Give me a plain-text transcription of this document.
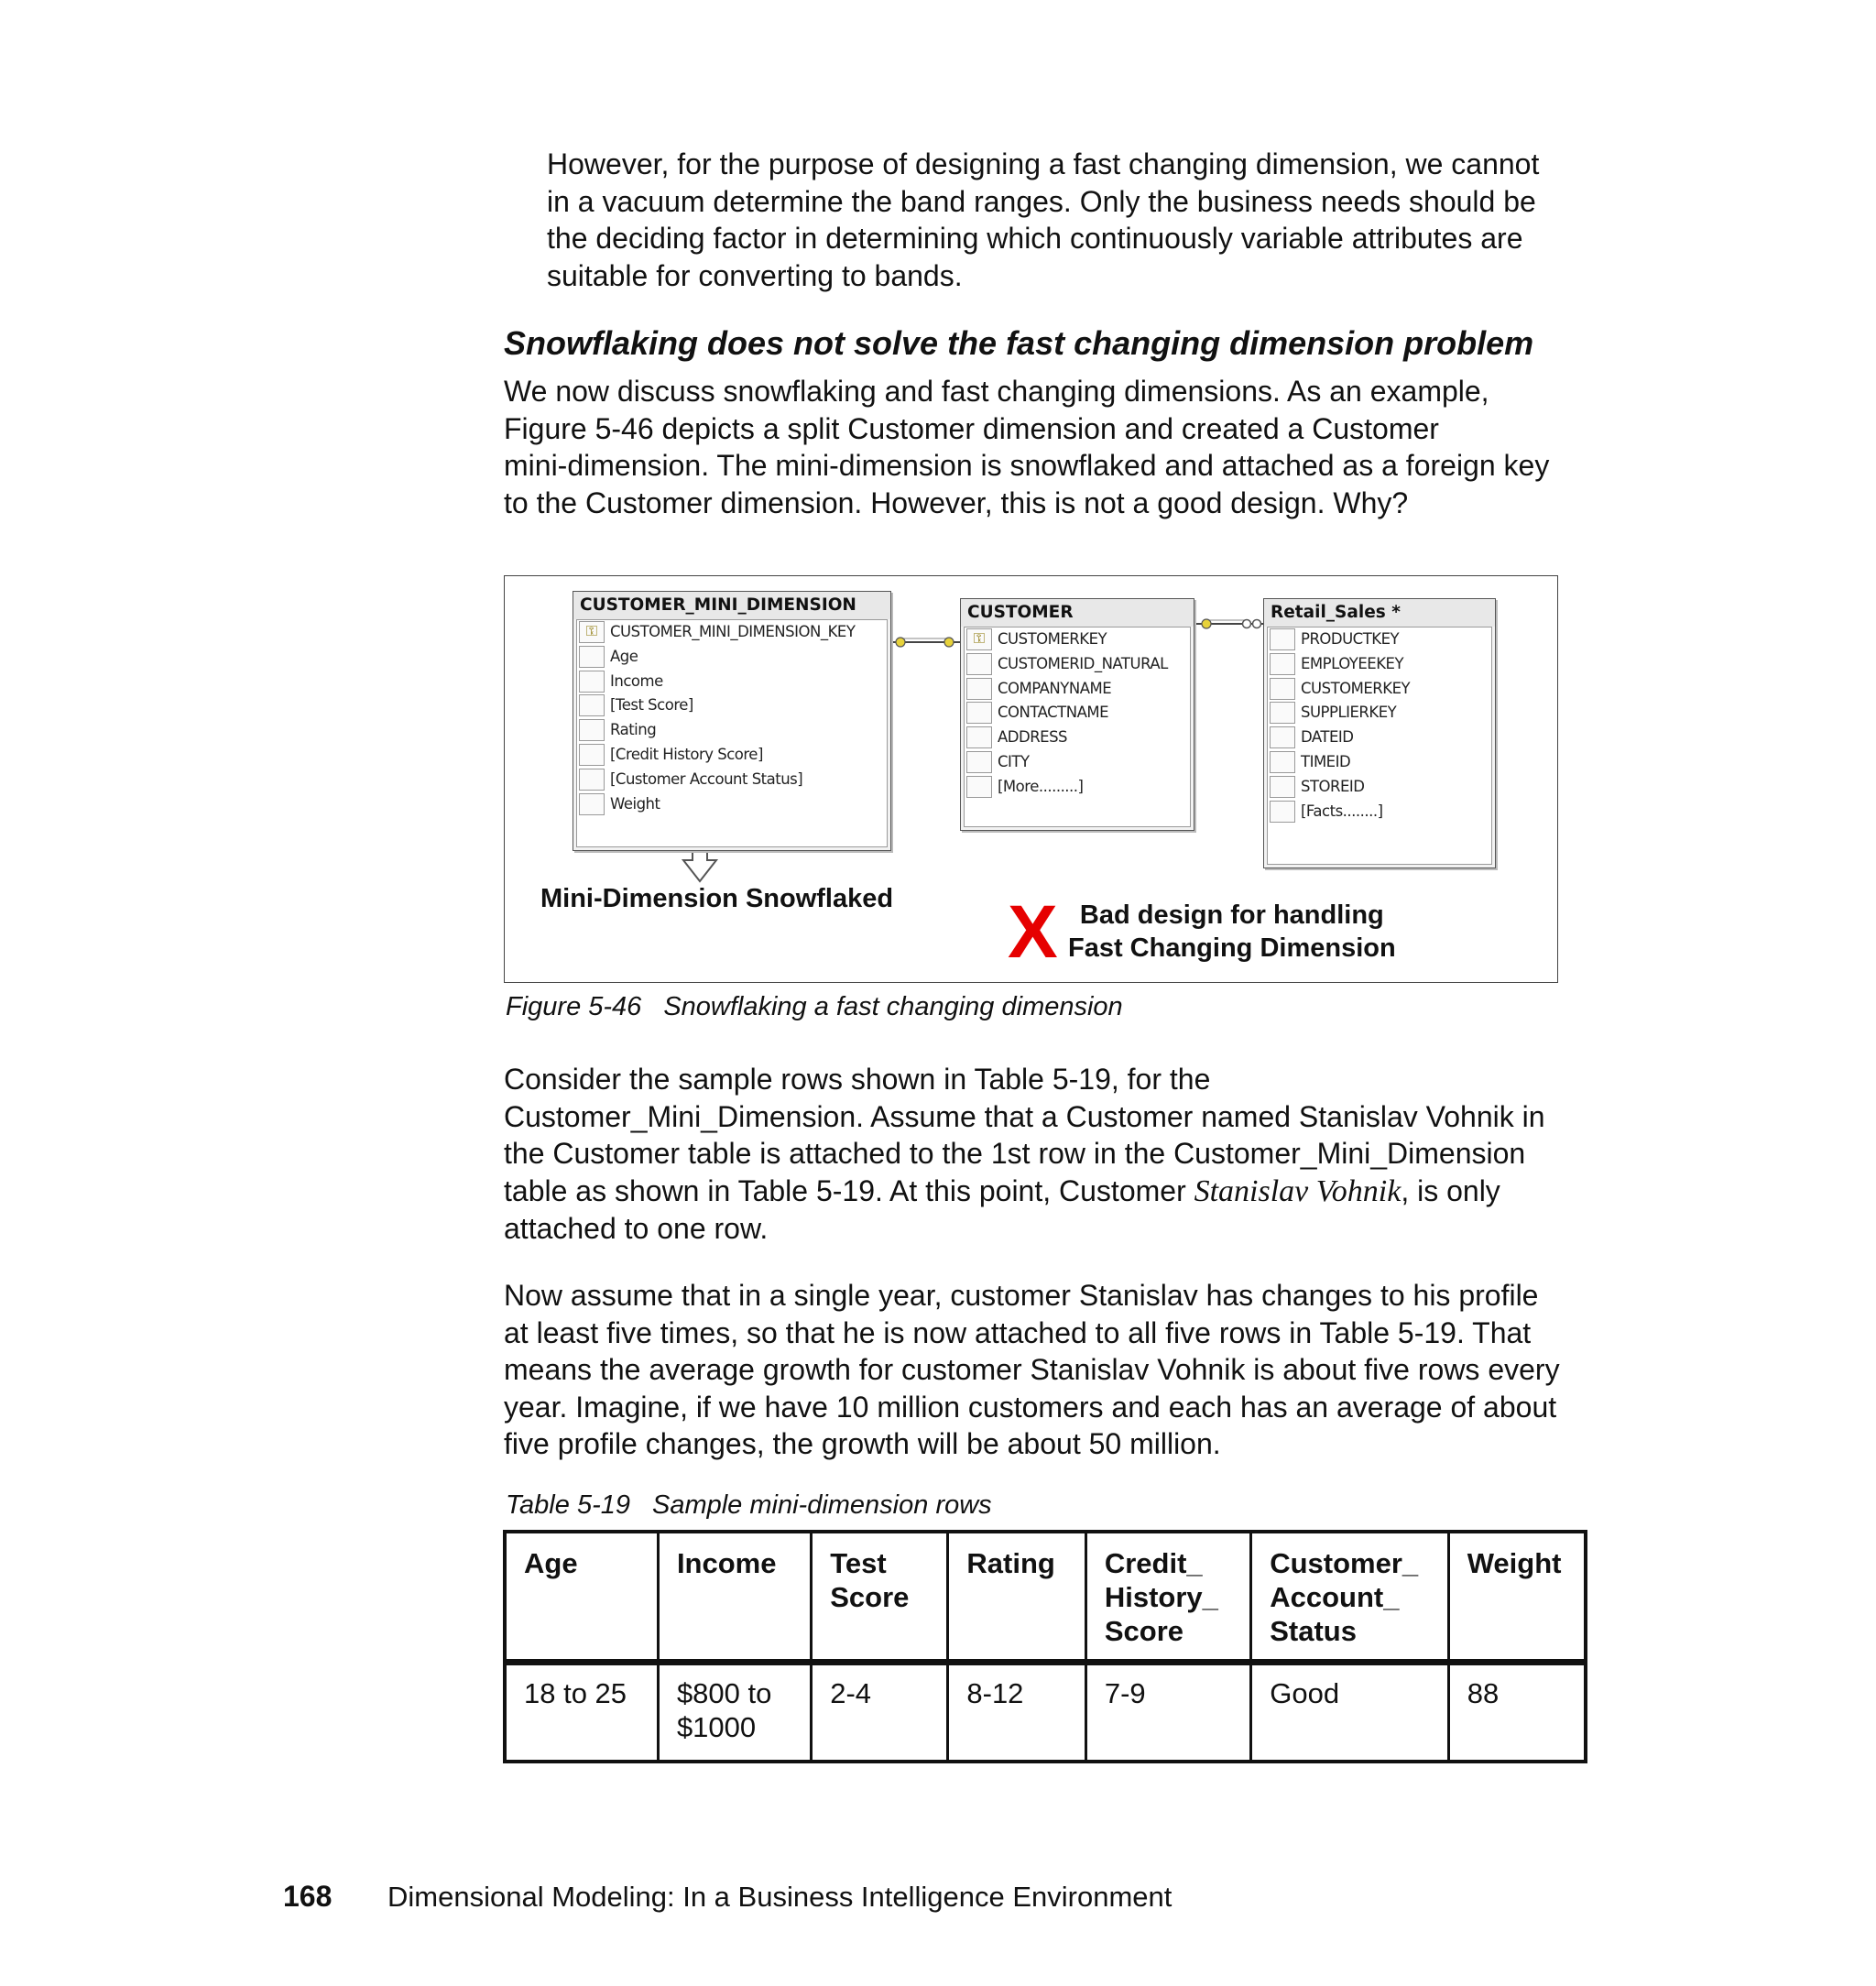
However, for the purpose of designing a fast changing dimension, we cannot
in a vacuum determine the band ranges. Only the business needs should be
the deciding factor in determining which continuously variable attributes are
suitable for converting to bands.

Snowflaking does not solve the fast changing dimension problem

We now discuss snowflaking and fast changing dimensions. As an example,
Figure 5-46 depicts a split Customer dimension and created a Customer
mini-dimension. The mini-dimension is snowflaked and attached as a foreign key
to the Customer dimension. However, this is not a good design. Why?

CUSTOMER_MINI_DIMENSION
⚿ CUSTOMER_MINI_DIMENSION_KEY
Age
Income
[Test Score]
Rating
[Credit History Score]
[Customer Account Status]
Weight
CUSTOMER
⚿ CUSTOMERKEY
CUSTOMERID_NATURAL
COMPANYNAME
CONTACTNAME
ADDRESS
CITY
[More.........]
Retail_Sales *
PRODUCTKEY
EMPLOYEEKEY
CUSTOMERKEY
SUPPLIERKEY
DATEID
TIMEID
STOREID
[Facts........]

Mini-Dimension Snowflaked X Bad design for handling
Fast Changing Dimension

Figure 5-46 Snowflaking a fast changing dimension

Consider the sample rows shown in Table 5-19, for the
Customer_Mini_Dimension. Assume that a Customer named Stanislav Vohnik in
the Customer table is attached to the 1st row in the Customer_Mini_Dimension
table as shown in Table 5-19. At this point, Customer Stanislav Vohnik, is only
attached to one row.

Now assume that in a single year, customer Stanislav has changes to his profile
at least five times, so that he is now attached to all five rows in Table 5-19. That
means the average growth for customer Stanislav Vohnik is about five rows every
year. Imagine, if we have 10 million customers and each has an average of about
five profile changes, the growth will be about 50 million.

Table 5-19 Sample mini-dimension rows

Age	Income	Test
Score	Rating	Credit_
History_
Score	Customer_
Account_
Status	Weight

18 to 25	$800 to
$1000	2-4	8-12	7-9	Good	88

168 Dimensional Modeling: In a Business Intelligence Environment
